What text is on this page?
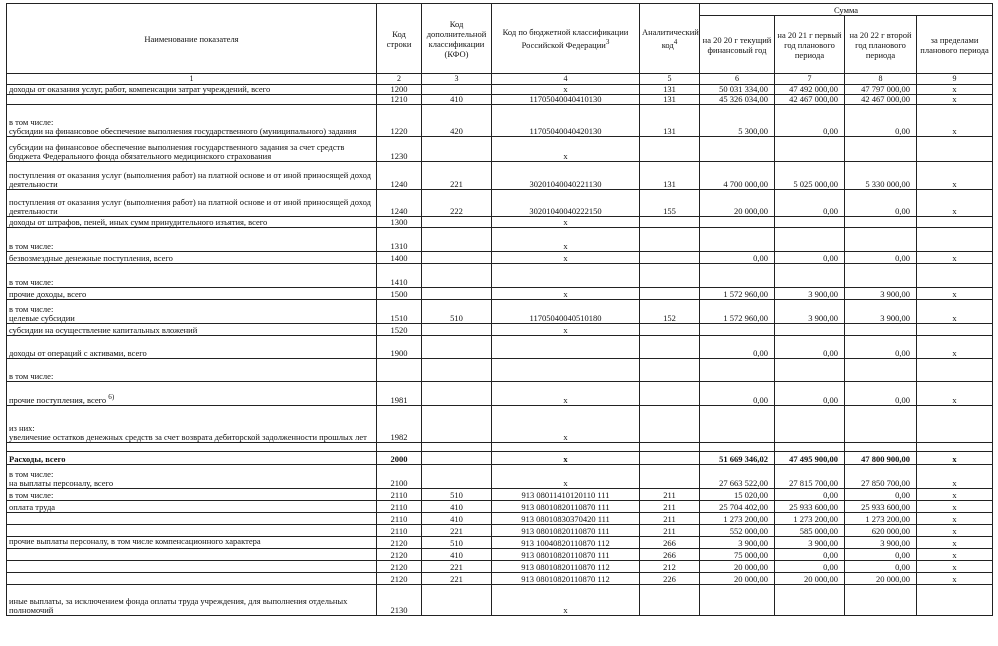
Наименование показателя	Код строки	Код дополнительной классификации (КФО)	Код по бюджетной классификации Российской Федерации$^3$	Аналитический код$^4$	Сумма			
					на 20 20 г текущий финансовый год	на 20 21 г первый год планового периода	на 20 22 г второй год планового периода	за пределами планового периода
1	2	3	4	5	6	7	8	9
доходы от оказания услуг, работ, компенсации затрат учреждений, всего	1200		x	131	50 031 334,00	47 492 000,00	47 797 000,00	x
	1210	410	11705040040410130	131	45 326 034,00	42 467 000,00	42 467 000,00	x
в том числе:
субсидии на финансовое обеспечение выполнения государственного (муниципального) задания	1220	420	11705040040420130	131	5 300,00	0,00	0,00	x
субсидии на финансовое обеспечение выполнения государственного задания за счет средств бюджета Федерального фонда обязательного медицинского страхования	1230		x					
поступления от оказания услуг (выполнения работ) на платной основе и от иной приносящей доход деятельности	1240	221	30201040040221130	131	4 700 000,00	5 025 000,00	5 330 000,00	x
поступления от оказания услуг (выполнения работ) на платной основе и от иной приносящей доход деятельности	1240	222	30201040040222150	155	20 000,00	0,00	0,00	x
доходы от штрафов, пеней, иных сумм принудительного изъятия, всего	1300		x					
в том числе:	1310		x					
безвозмездные денежные поступления, всего	1400		x		0,00	0,00	0,00	x
в том числе:	1410							
прочие доходы, всего	1500		x		1 572 960,00	3 900,00	3 900,00	x
в том числе:
целевые субсидии	1510	510	11705040040510180	152	1 572 960,00	3 900,00	3 900,00	x
субсидии на осуществление капитальных вложений	1520		x					
доходы от операций с активами, всего	1900				0,00	0,00	0,00	x
в том числе:								
прочие поступления, всего $^{6)}$	1981		x		0,00	0,00	0,00	x
из них:
увеличение остатков денежных средств за счет возврата дебиторской задолженности прошлых лет	1982		x					

Расходы, всего	2000		x		51 669 346,02	47 495 900,00	47 800 900,00	x
в том числе:
на выплаты персоналу, всего	2100		x		27 663 522,00	27 815 700,00	27 850 700,00	x
в том числе:	2110	510	913 08011410120110 111	211	15 020,00	0,00	0,00	x
оплата труда	2110	410	913 08010820110870 111	211	25 704 402,00	25 933 600,00	25 933 600,00	x
	2110	410	913 08010830370420 111	211	1 273 200,00	1 273 200,00	1 273 200,00	x
	2110	221	913 08010820110870 111	211	552 000,00	585 000,00	620 000,00	x
прочие выплаты персоналу, в том числе компенсационного характера	2120	510	913 10040820110870 112	266	3 900,00	3 900,00	3 900,00	x
	2120	410	913 08010820110870 111	266	75 000,00	0,00	0,00	x
	2120	221	913 08010820110870 112	212	20 000,00	0,00	0,00	x
	2120	221	913 08010820110870 112	226	20 000,00	20 000,00	20 000,00	x
иные выплаты, за исключением фонда оплаты труда учреждения, для выполнения отдельных полномочий	2130		x					
